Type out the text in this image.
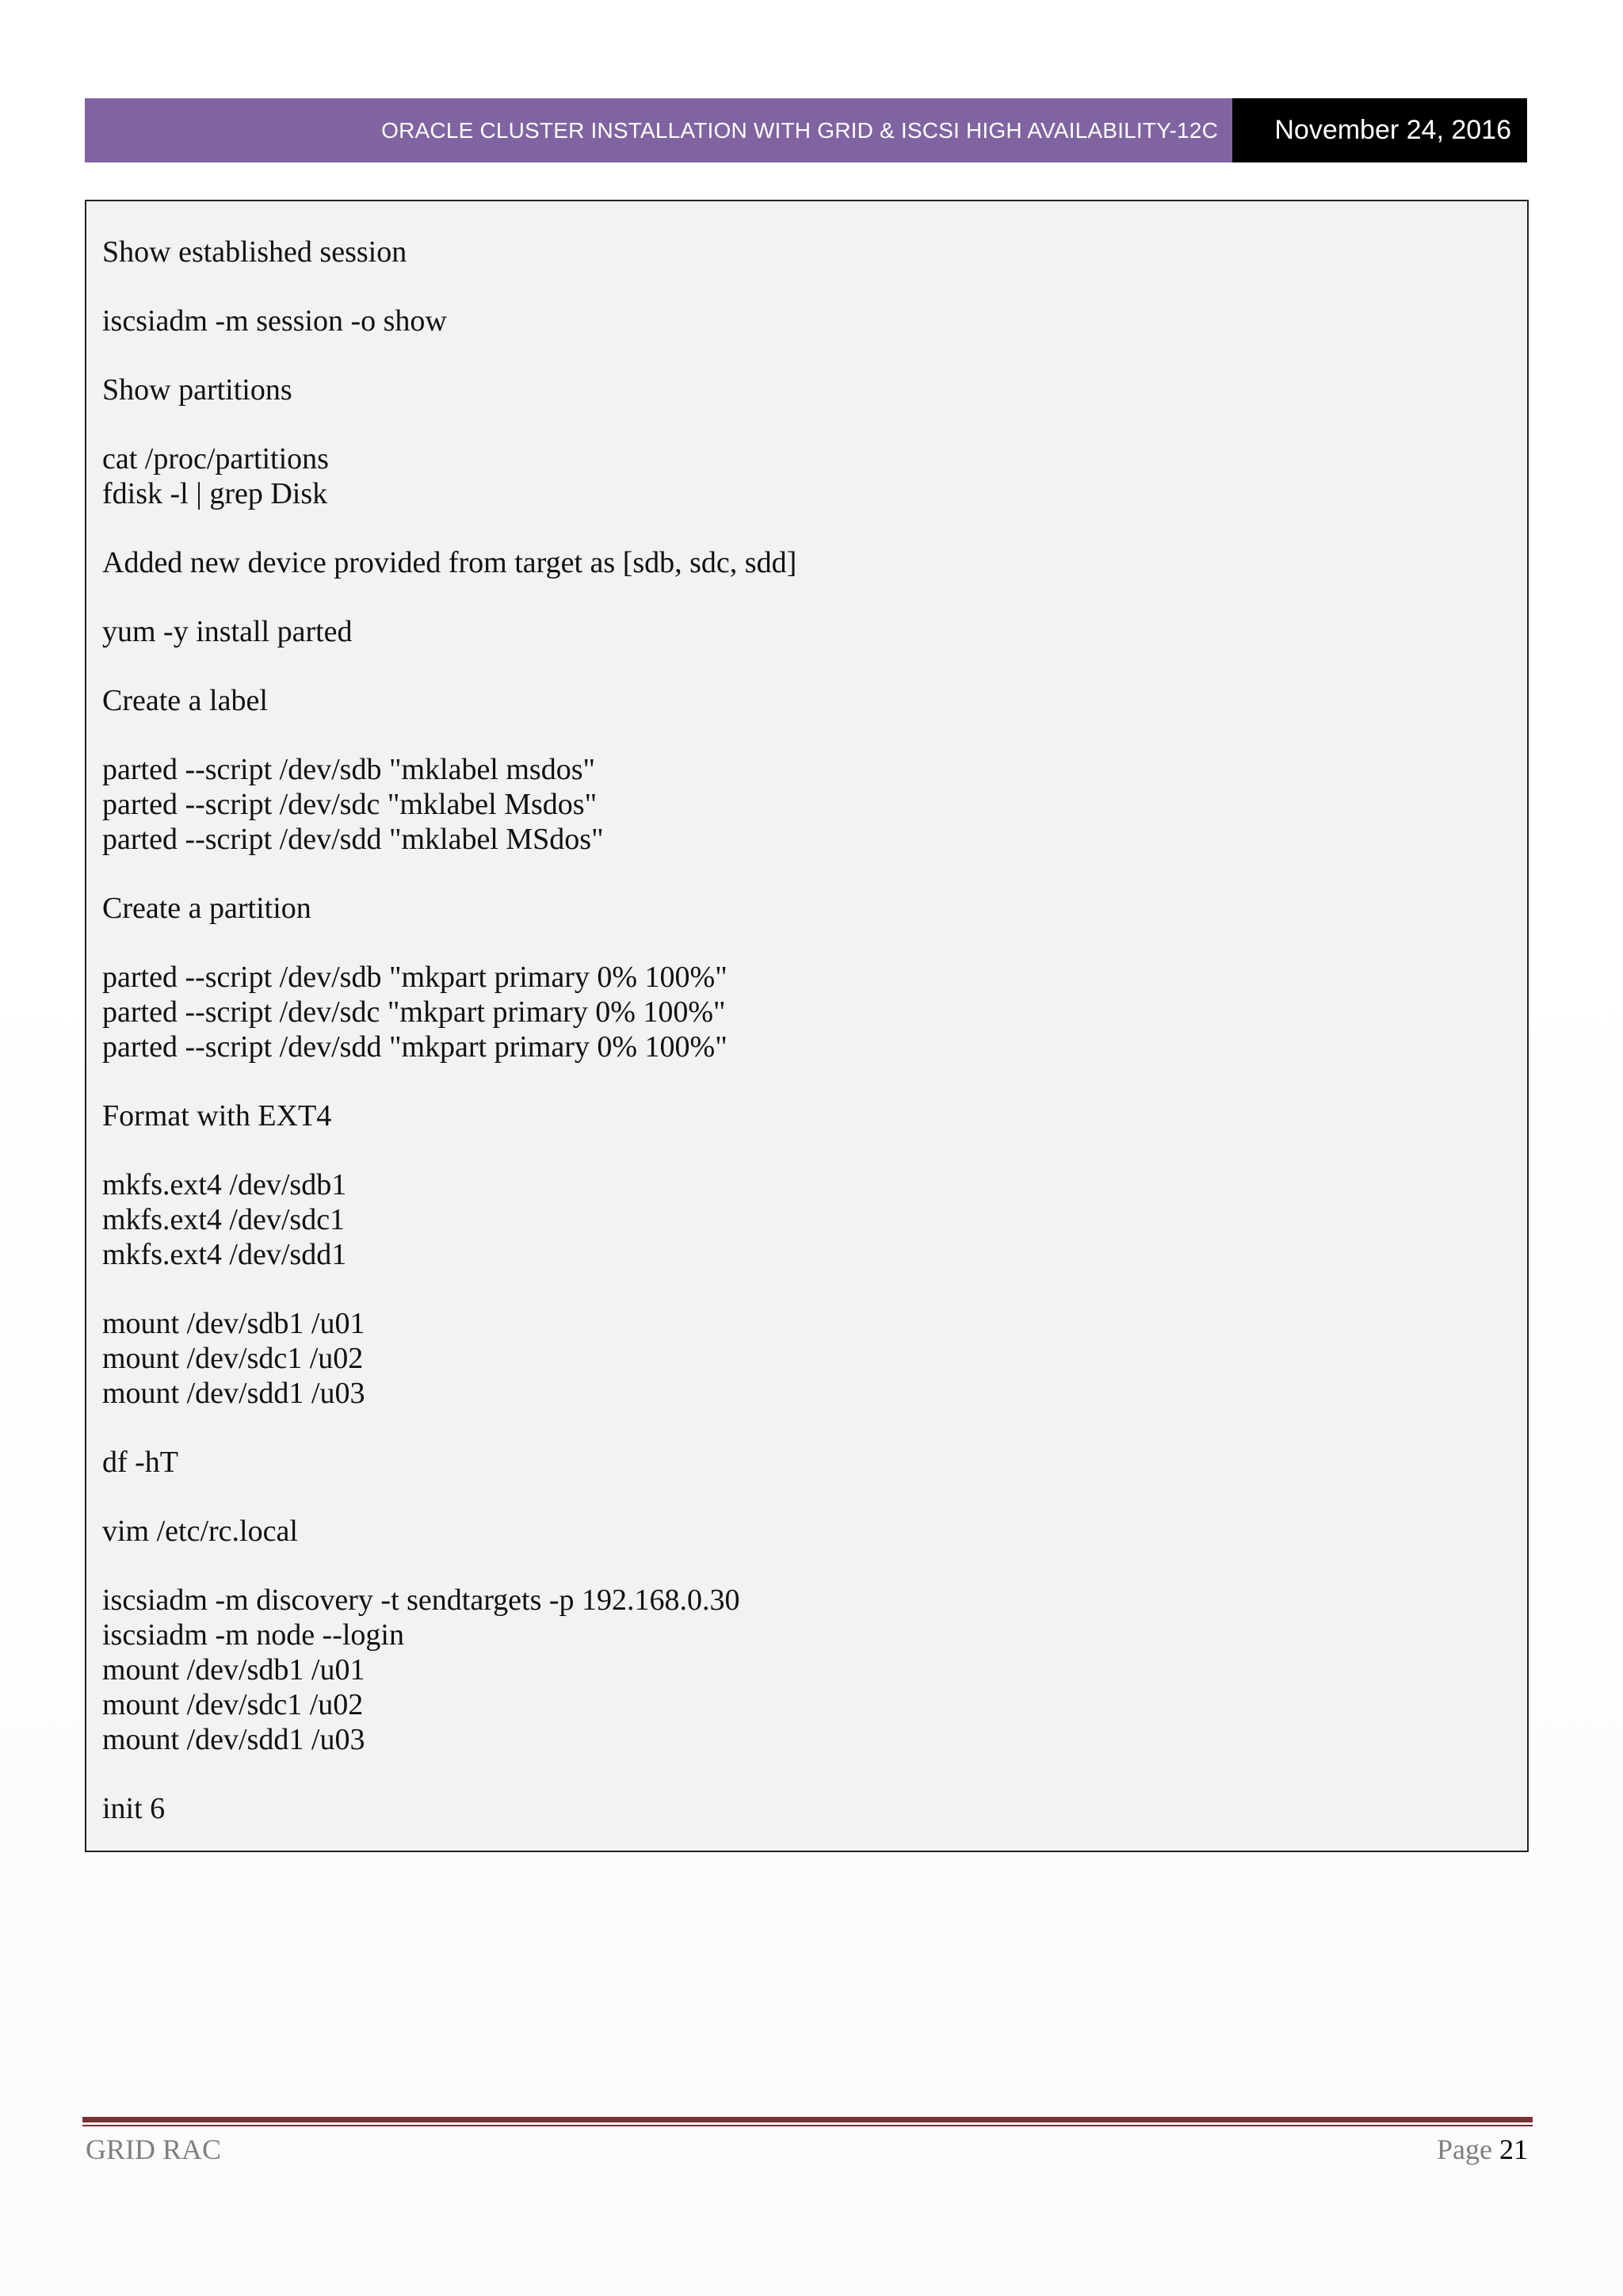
ORACLE CLUSTER INSTALLATION WITH GRID & ISCSI HIGH AVAILABILITY-12C	November 24, 2016
Show established session
iscsiadm -m session -o show
Show partitions
cat /proc/partitions
fdisk -l | grep Disk
Added new device provided from target as [sdb, sdc, sdd]
yum -y install parted
Create a label
parted --script /dev/sdb "mklabel msdos"
parted --script /dev/sdc "mklabel Msdos"
parted --script /dev/sdd "mklabel MSdos"
Create a partition
parted --script /dev/sdb "mkpart primary 0% 100%"
parted --script /dev/sdc "mkpart primary 0% 100%"
parted --script /dev/sdd "mkpart primary 0% 100%"
Format with EXT4
mkfs.ext4 /dev/sdb1
mkfs.ext4 /dev/sdc1
mkfs.ext4 /dev/sdd1
mount /dev/sdb1 /u01
mount /dev/sdc1 /u02
mount /dev/sdd1 /u03
df -hT
vim /etc/rc.local
iscsiadm -m discovery -t sendtargets -p 192.168.0.30
iscsiadm -m node --login
mount /dev/sdb1 /u01
mount /dev/sdc1 /u02
mount /dev/sdd1 /u03
init 6
GRID RAC	Page 21
